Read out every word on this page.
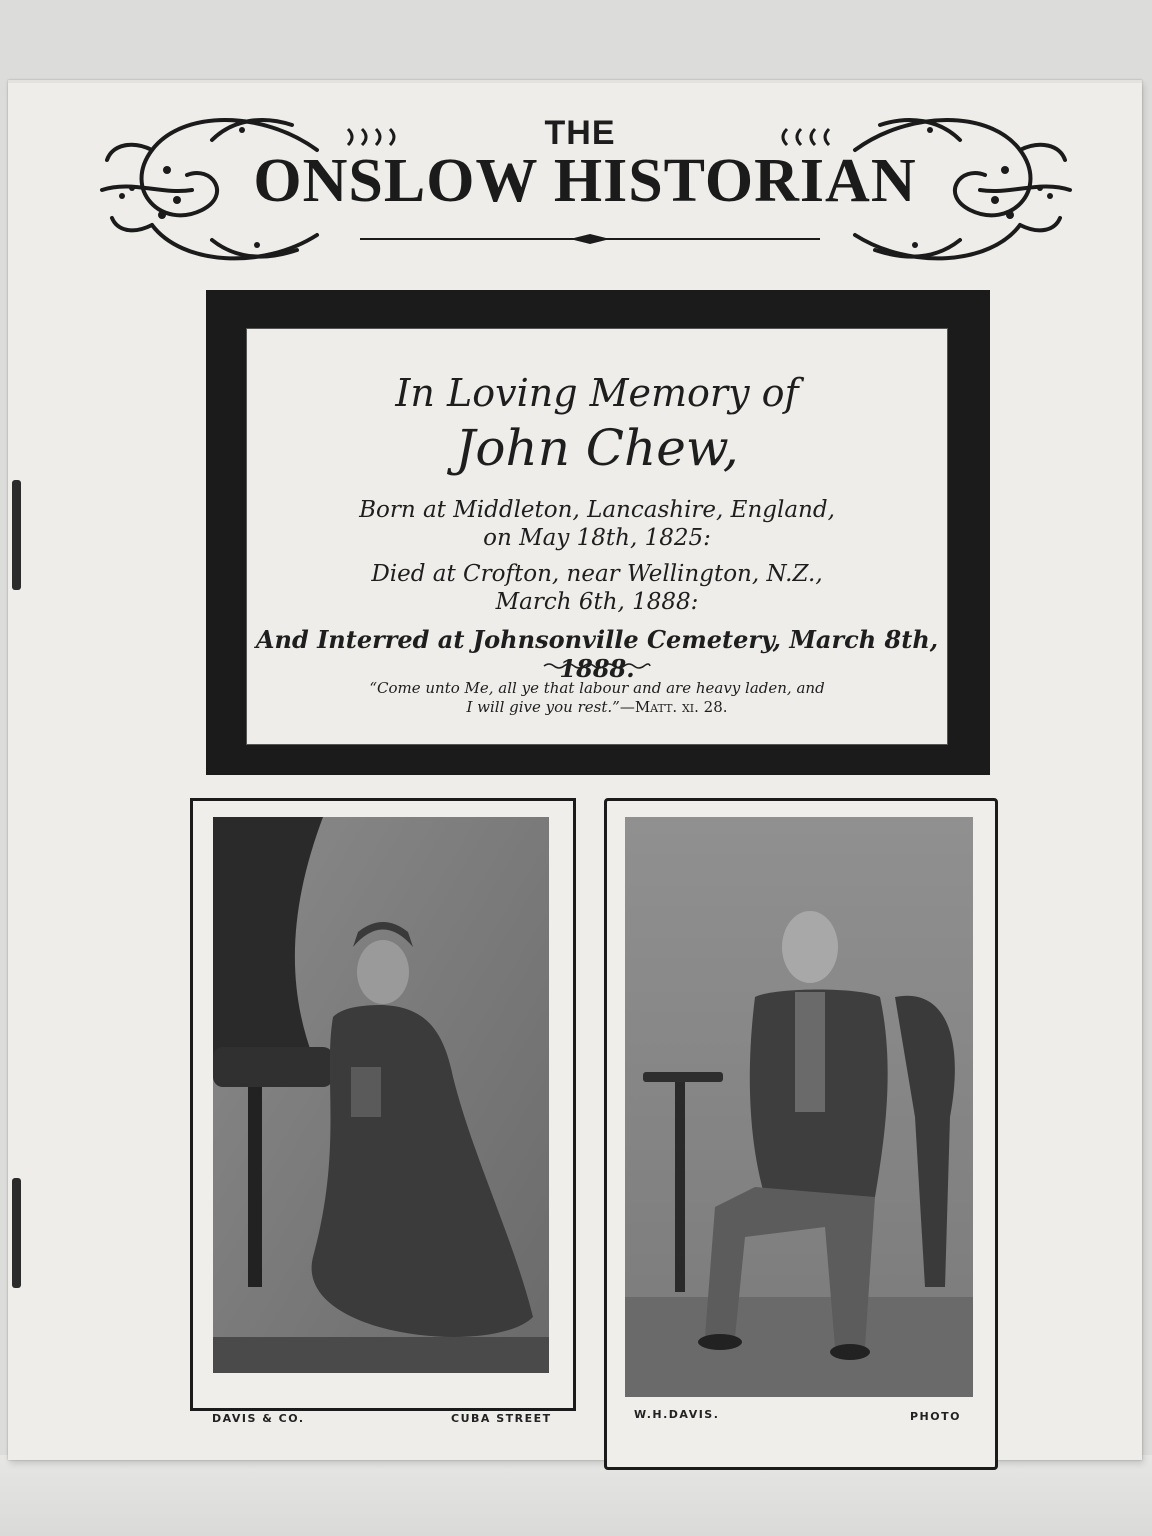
THE
ONSLOW HISTORIAN
In Loving Memory of
John Chew,
Born at Middleton, Lancashire, England,
on May 18th, 1825:
Died at Crofton, near Wellington, N.Z.,
March 6th, 1888:
And Interred at Johnsonville Cemetery, March 8th, 1888.
“Come unto Me, all ye that labour and are heavy laden, and
I will give you rest.”—Matt. xi. 28.
DAVIS & CO.	CUBA STREET	W.H.DAVIS.	PHOTO
